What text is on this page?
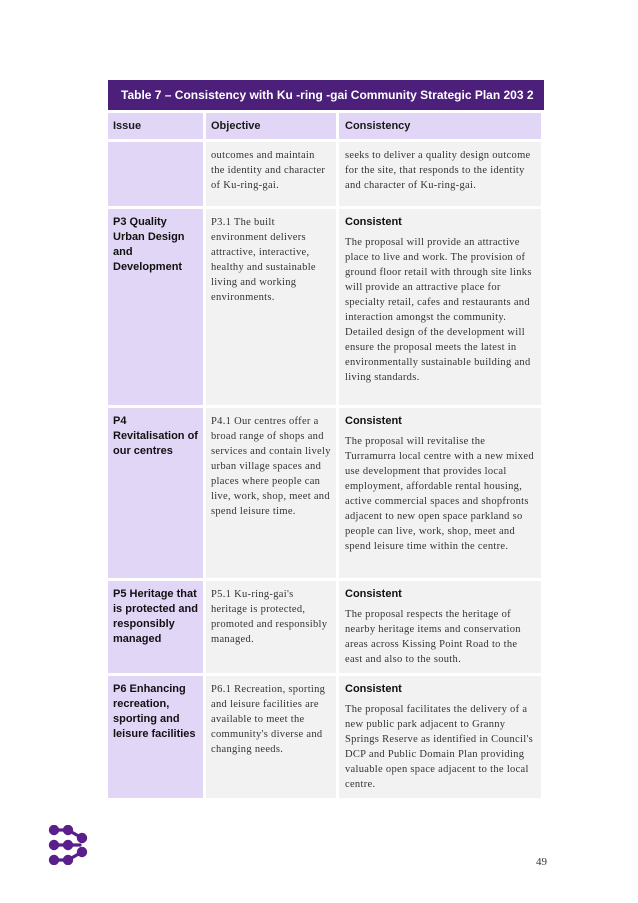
Table 7 – Consistency with Ku -ring -gai Community Strategic Plan 203 2
Issue	Objective	Consistency
outcomes and maintain the identity and character of Ku-ring-gai.
seeks to deliver a quality design outcome for the site, that responds to the identity and character of Ku-ring-gai.
P3 Quality Urban Design and Development
P3.1 The built environment delivers attractive, interactive, healthy and sustainable living and working environments.
Consistent
The proposal will provide an attractive place to live and work. The provision of ground floor retail with through site links will provide an attractive place for specialty retail, cafes and restaurants and interaction amongst the community. Detailed design of the development will ensure the proposal meets the latest in environmentally sustainable building and living standards.
P4 Revitalisation of our centres
P4.1 Our centres offer a broad range of shops and services and contain lively urban village spaces and places where people can live, work, shop, meet and spend leisure time.
Consistent
The proposal will revitalise the Turramurra local centre with a new mixed use development that provides local employment, affordable rental housing, active commercial spaces and shopfronts adjacent to new open space parkland so people can live, work, shop, meet and spend leisure time within the centre.
P5 Heritage that is protected and responsibly managed
P5.1 Ku-ring-gai's heritage is protected, promoted and responsibly managed.
Consistent
The proposal respects the heritage of nearby heritage items and conservation areas across Kissing Point Road to the east and also to the south.
P6 Enhancing recreation, sporting and leisure facilities
P6.1 Recreation, sporting and leisure facilities are available to meet the community's diverse and changing needs.
Consistent
The proposal facilitates the delivery of a new public park adjacent to Granny Springs Reserve as identified in Council's DCP and Public Domain Plan providing valuable open space adjacent to the local centre.
49
